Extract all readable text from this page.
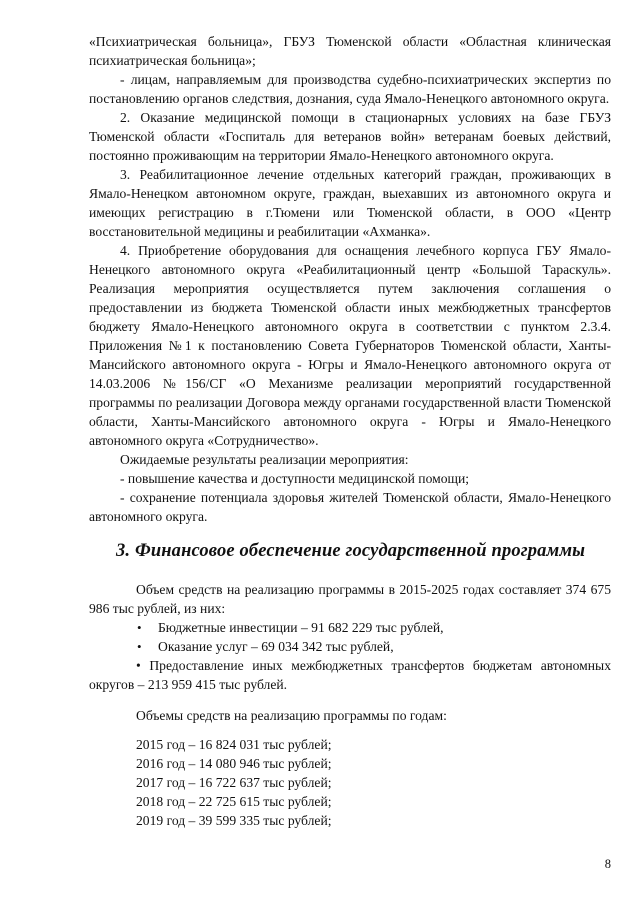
«Психиатрическая больница», ГБУЗ Тюменской области «Областная клиническая психиатрическая больница»;

- лицам, направляемым для производства судебно-психиатрических экспертиз по постановлению органов следствия, дознания, суда Ямало-Ненецкого автономного округа.

2. Оказание медицинской помощи в стационарных условиях на базе ГБУЗ Тюменской области «Госпиталь для ветеранов войн» ветеранам боевых действий, постоянно проживающим на территории Ямало-Ненецкого автономного округа.

3. Реабилитационное лечение отдельных категорий граждан, проживающих в Ямало-Ненецком автономном округе, граждан, выехавших из автономного округа и имеющих регистрацию в г.Тюмени или Тюменской области, в ООО «Центр восстановительной медицины и реабилитации «Ахманка».

4. Приобретение оборудования для оснащения лечебного корпуса ГБУ Ямало-Ненецкого автономного округа «Реабилитационный центр «Большой Тараскуль». Реализация мероприятия осуществляется путем заключения соглашения о предоставлении из бюджета Тюменской области иных межбюджетных трансфертов бюджету Ямало-Ненецкого автономного округа в соответствии с пунктом 2.3.4. Приложения №1 к постановлению Совета Губернаторов Тюменской области, Ханты-Мансийского автономного округа - Югры и Ямало-Ненецкого автономного округа от 14.03.2006 №156/СГ «О Механизме реализации мероприятий государственной программы по реализации Договора между органами государственной власти Тюменской области, Ханты-Мансийского автономного округа - Югры и Ямало-Ненецкого автономного округа «Сотрудничество».

Ожидаемые результаты реализации мероприятия:

- повышение качества и доступности медицинской помощи;

- сохранение потенциала здоровья жителей Тюменской области, Ямало-Ненецкого автономного округа.

3. Финансовое обеспечение государственной программы

Объем средств на реализацию программы в 2015-2025 годах составляет 374 675 986 тыс рублей, из них:

•	Бюджетные инвестиции – 91 682 229 тыс рублей,

•	Оказание услуг – 69 034 342 тыс рублей,

• Предоставление иных межбюджетных трансфертов бюджетам автономных округов – 213 959 415 тыс рублей.

Объемы средств на реализацию программы по годам:

2015 год – 16 824 031 тыс рублей;

2016 год – 14 080 946 тыс рублей;

2017 год – 16 722 637 тыс рублей;

2018 год – 22 725 615 тыс рублей;

2019 год – 39 599 335 тыс рублей;

8
